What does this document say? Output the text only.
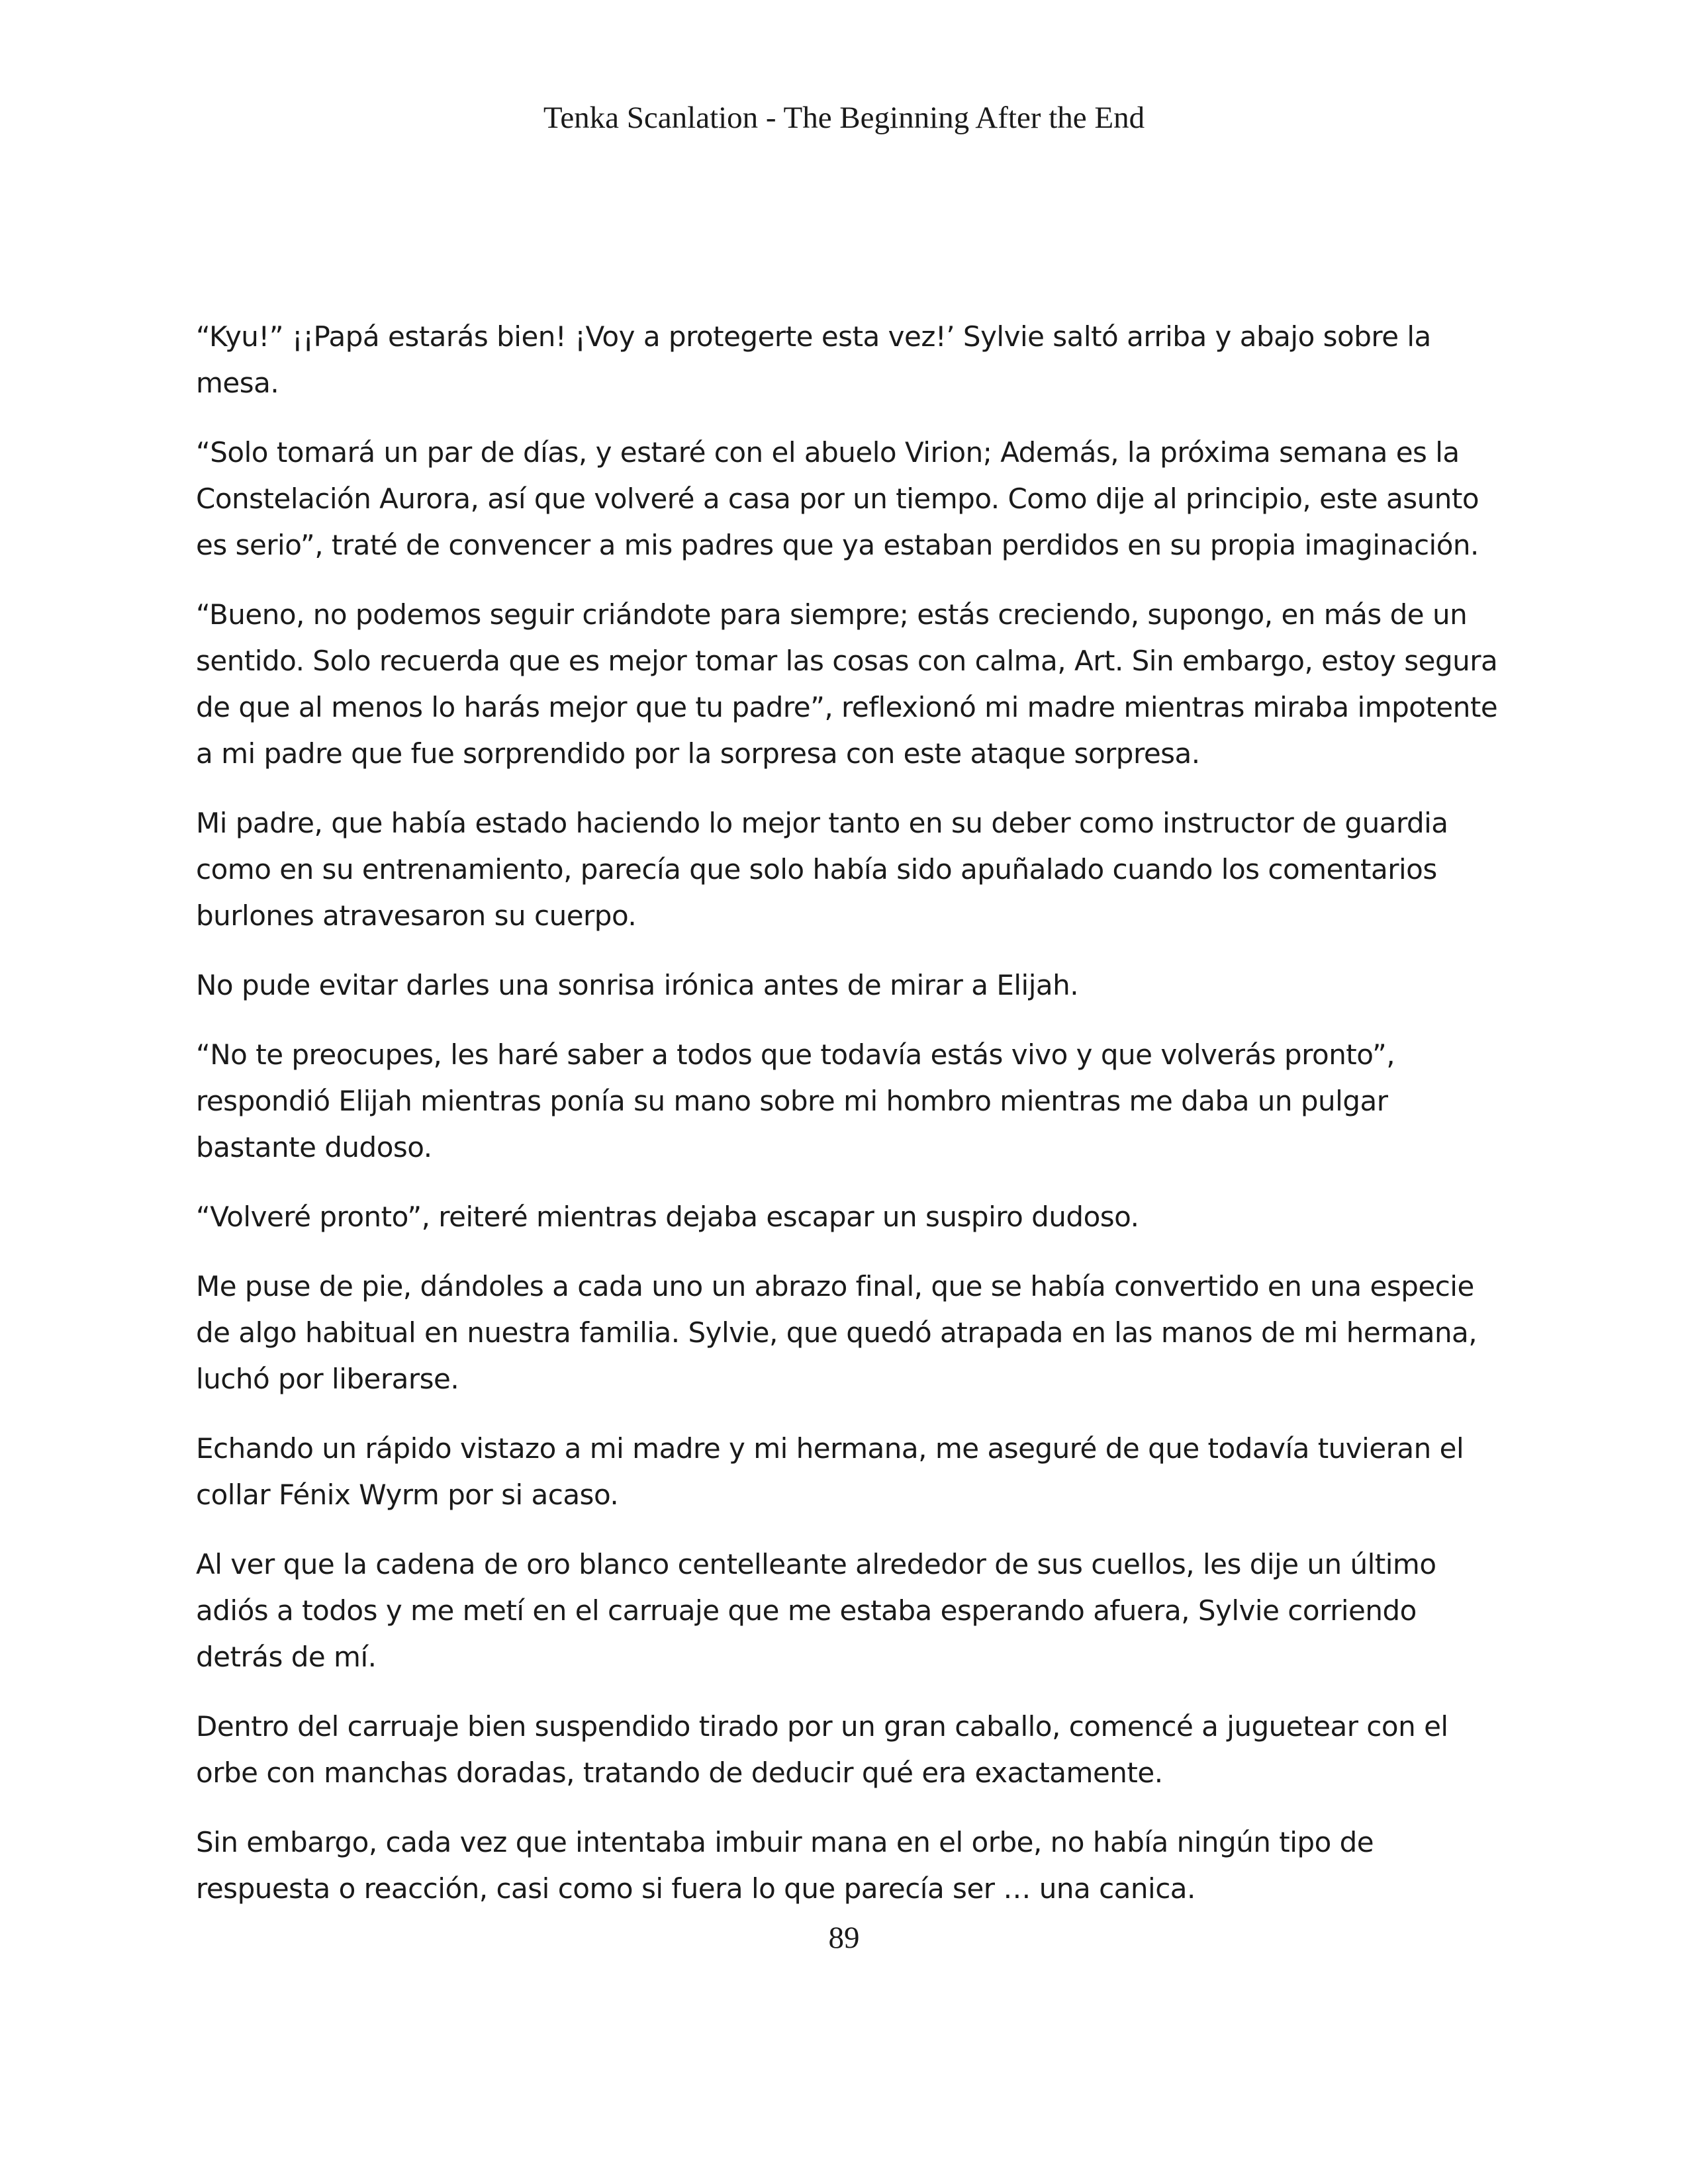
Tenka Scanlation - The Beginning After the End

“Kyu!” ¡¡Papá estarás bien! ¡Voy a protegerte esta vez!’ Sylvie saltó arriba y abajo sobre la mesa.

“Solo tomará un par de días, y estaré con el abuelo Virion; Además, la próxima semana es la Constelación Aurora, así que volveré a casa por un tiempo. Como dije al principio, este asunto es serio”, traté de convencer a mis padres que ya estaban perdidos en su propia imaginación.

“Bueno, no podemos seguir criándote para siempre; estás creciendo, supongo, en más de un sentido. Solo recuerda que es mejor tomar las cosas con calma, Art. Sin embargo, estoy segura de que al menos lo harás mejor que tu padre”, reflexionó mi madre mientras miraba impotente a mi padre que fue sorprendido por la sorpresa con este ataque sorpresa.

Mi padre, que había estado haciendo lo mejor tanto en su deber como instructor de guardia como en su entrenamiento, parecía que solo había sido apuñalado cuando los comentarios burlones atravesaron su cuerpo.

No pude evitar darles una sonrisa irónica antes de mirar a Elijah.

“No te preocupes, les haré saber a todos que todavía estás vivo y que volverás pronto”, respondió Elijah mientras ponía su mano sobre mi hombro mientras me daba un pulgar bastante dudoso.

“Volveré pronto”, reiteré mientras dejaba escapar un suspiro dudoso.

Me puse de pie, dándoles a cada uno un abrazo final, que se había convertido en una especie de algo habitual en nuestra familia. Sylvie, que quedó atrapada en las manos de mi hermana, luchó por liberarse.

Echando un rápido vistazo a mi madre y mi hermana, me aseguré de que todavía tuvieran el collar Fénix Wyrm por si acaso.

Al ver que la cadena de oro blanco centelleante alrededor de sus cuellos, les dije un último adiós a todos y me metí en el carruaje que me estaba esperando afuera, Sylvie corriendo detrás de mí.

Dentro del carruaje bien suspendido tirado por un gran caballo, comencé a juguetear con el orbe con manchas doradas, tratando de deducir qué era exactamente.

Sin embargo, cada vez que intentaba imbuir mana en el orbe, no había ningún tipo de respuesta o reacción, casi como si fuera lo que parecía ser … una canica.

89
